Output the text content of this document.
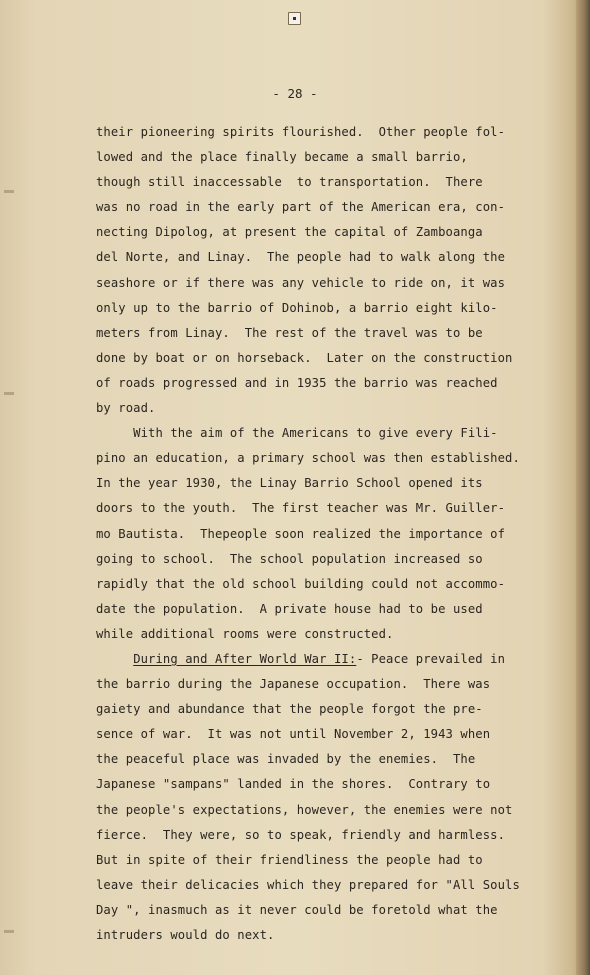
- 28 -
their pioneering spirits flourished.  Other people fol-
lowed and the place finally became a small barrio,
though still inaccessable  to transportation.  There
was no road in the early part of the American era, con-
necting Dipolog, at present the capital of Zamboanga
del Norte, and Linay.  The people had to walk along the
seashore or if there was any vehicle to ride on, it was
only up to the barrio of Dohinob, a barrio eight kilo-
meters from Linay.  The rest of the travel was to be
done by boat or on horseback.  Later on the construction
of roads progressed and in 1935 the barrio was reached
by road.
With the aim of the Americans to give every Fili-
pino an education, a primary school was then established.
In the year 1930, the Linay Barrio School opened its
doors to the youth.  The first teacher was Mr. Guiller-
mo Bautista.  Thepeople soon realized the importance of
going to school.  The school population increased so
rapidly that the old school building could not accommo-
date the population.  A private house had to be used
while additional rooms were constructed.
During and After World War II:- Peace prevailed in
the barrio during the Japanese occupation.  There was
gaiety and abundance that the people forgot the pre-
sence of war.  It was not until November 2, 1943 when
the peaceful place was invaded by the enemies.  The
Japanese "sampans" landed in the shores.  Contrary to
the people's expectations, however, the enemies were not
fierce.  They were, so to speak, friendly and harmless.
But in spite of their friendliness the people had to
leave their delicacies which they prepared for "All Souls
Day ", inasmuch as it never could be foretold what the
intruders would do next.
